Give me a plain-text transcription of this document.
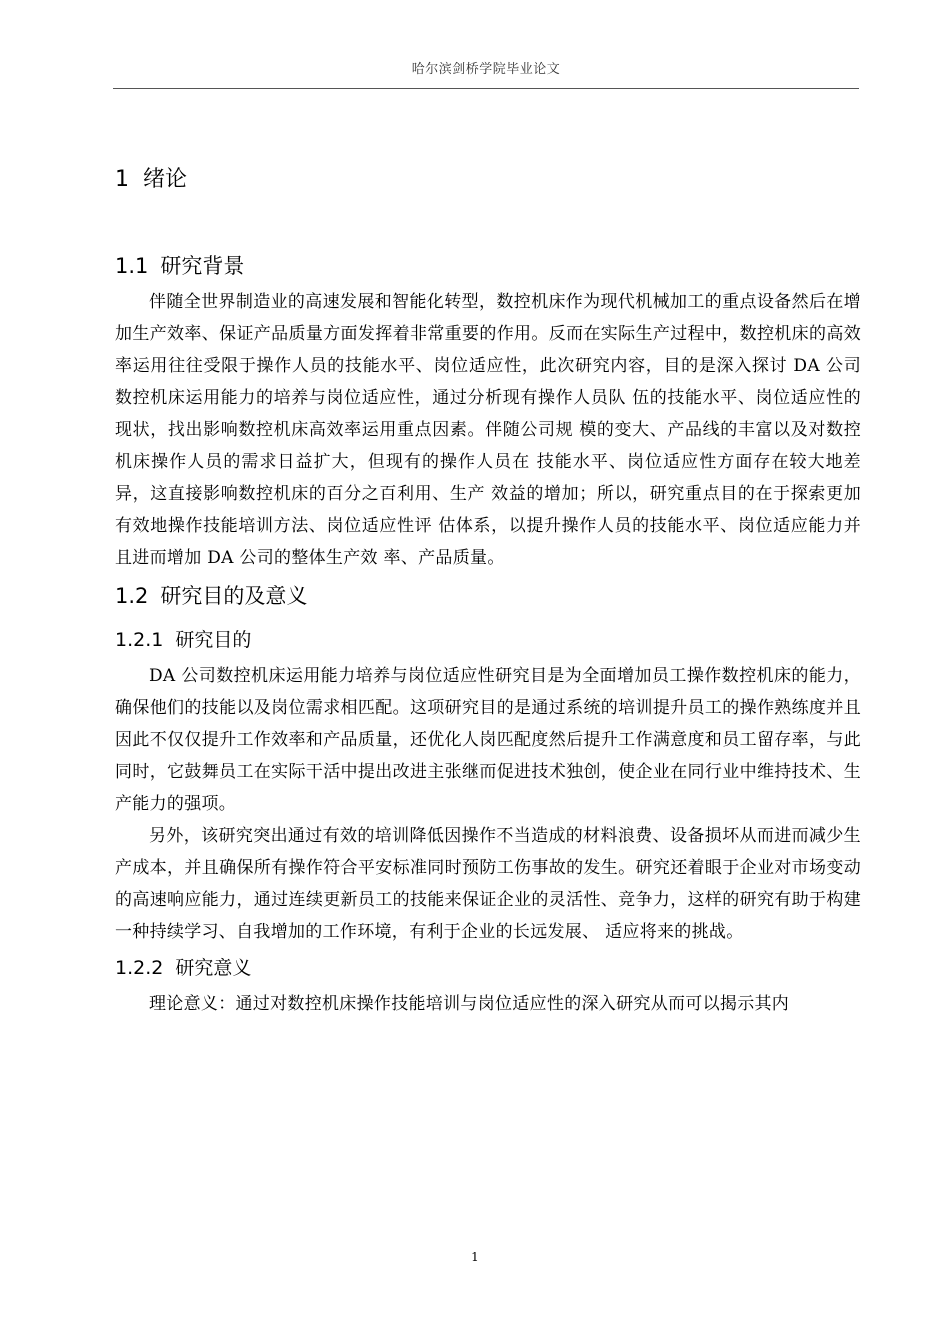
哈尔滨剑桥学院毕业论文
1 绪论
1.1 研究背景

伴随全世界制造业的高速发展和智能化转型，数控机床作为现代机械加工的重点设备然后在增加生产效率、保证产品质量方面发挥着非常重要的作用。反而在实际生产过程中，数控机床的高效率运用往往受限于操作人员的技能水平、岗位适应性，此次研究内容，目的是深入探讨 DA 公司数控机床运用能力的培养与岗位适应性，通过分析现有操作人员队 伍的技能水平、岗位适应性的现状，找出影响数控机床高效率运用重点因素。伴随公司规 模的变大、产品线的丰富以及对数控机床操作人员的需求日益扩大，但现有的操作人员在 技能水平、岗位适应性方面存在较大地差异，这直接影响数控机床的百分之百利用、生产 效益的增加；所以，研究重点目的在于探索更加有效地操作技能培训方法、岗位适应性评 估体系，以提升操作人员的技能水平、岗位适应能力并且进而增加 DA 公司的整体生产效 率、产品质量。

1.2 研究目的及意义
1.2.1 研究目的

DA 公司数控机床运用能力培养与岗位适应性研究目是为全面增加员工操作数控机床的能力，确保他们的技能以及岗位需求相匹配。这项研究目的是通过系统的培训提升员工的操作熟练度并且因此不仅仅提升工作效率和产品质量，还优化人岗匹配度然后提升工作满意度和员工留存率，与此同时，它鼓舞员工在实际干活中提出改进主张继而促进技术独创，使企业在同行业中维持技术、生产能力的强项。

另外，该研究突出通过有效的培训降低因操作不当造成的材料浪费、设备损坏从而进而减少生产成本，并且确保所有操作符合平安标准同时预防工伤事故的发生。研究还着眼于企业对市场变动的高速响应能力，通过连续更新员工的技能来保证企业的灵活性、竞争力，这样的研究有助于构建一种持续学习、自我增加的工作环境，有利于企业的长远发展、 适应将来的挑战。

1.2.2 研究意义

理论意义：通过对数控机床操作技能培训与岗位适应性的深入研究从而可以揭示其内

1
